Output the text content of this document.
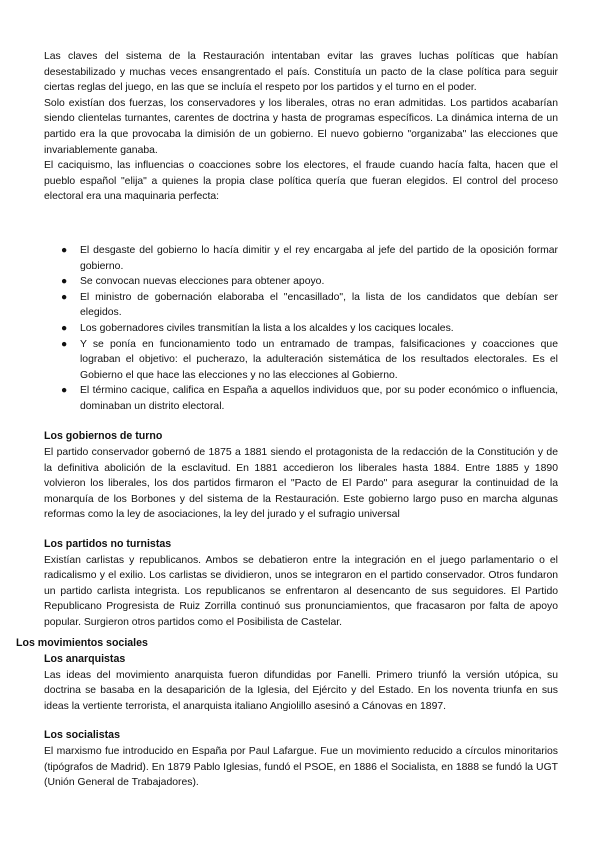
Las claves del sistema de la Restauración intentaban evitar las graves luchas políticas que habían desestabilizado y muchas veces ensangrentado el país. Constituía un pacto de la clase política para seguir ciertas reglas del juego, en las que se incluía el respeto por los partidos y el turno en el poder.

Solo existían dos fuerzas, los conservadores y los liberales, otras no eran admitidas. Los partidos acabarían siendo clientelas turnantes, carentes de doctrina y hasta de programas específicos. La dinámica interna de un partido era la que provocaba la dimisión de un gobierno. El nuevo gobierno "organizaba" las elecciones que invariablemente ganaba.

El caciquismo, las influencias o coacciones sobre los electores, el fraude cuando hacía falta, hacen que el pueblo español "elija" a quienes la propia clase política quería que fueran elegidos. El control del proceso electoral era una maquinaria perfecta:

● El desgaste del gobierno lo hacía dimitir y el rey encargaba al jefe del partido de la oposición formar gobierno.
● Se convocan nuevas elecciones para obtener apoyo.
● El ministro de gobernación elaboraba el "encasillado", la lista de los candidatos que debían ser elegidos.
● Los gobernadores civiles transmitían la lista a los alcaldes y los caciques locales.
● Y se ponía en funcionamiento todo un entramado de trampas, falsificaciones y coacciones que lograban el objetivo: el pucherazo, la adulteración sistemática de los resultados electorales. Es el Gobierno el que hace las elecciones y no las elecciones al Gobierno.
● El término cacique, califica en España a aquellos individuos que, por su poder económico o influencia, dominaban un distrito electoral.
Los gobiernos de turno

El partido conservador gobernó de 1875 a 1881 siendo el protagonista de la redacción de la Constitución y de la definitiva abolición de la esclavitud. En 1881 accedieron los liberales hasta 1884. Entre 1885 y 1890 volvieron los liberales, los dos partidos firmaron el "Pacto de El Pardo" para asegurar la continuidad de la monarquía de los Borbones y del sistema de la Restauración. Este gobierno largo puso en marcha algunas reformas como la ley de asociaciones, la ley del jurado y el sufragio universal

Los partidos no turnistas

Existían carlistas y republicanos. Ambos se debatieron entre la integración en el juego parlamentario o el radicalismo y el exilio. Los carlistas se dividieron, unos se integraron en el partido conservador. Otros fundaron un partido carlista integrista. Los republicanos se enfrentaron al desencanto de sus seguidores. El Partido Republicano Progresista de Ruiz Zorrilla continuó sus pronunciamientos, que fracasaron por falta de apoyo popular. Surgieron otros partidos como el Posibilista de Castelar.

Los movimientos sociales
Los anarquistas

Las ideas del movimiento anarquista fueron difundidas por Fanelli. Primero triunfó la versión utópica, su doctrina se basaba en la desaparición de la Iglesia, del Ejército y del Estado. En los noventa triunfa en sus ideas la vertiente terrorista, el anarquista italiano Angiolillo asesinó a Cánovas en 1897.

Los socialistas

El marxismo fue introducido en España por Paul Lafargue. Fue un movimiento reducido a círculos minoritarios (tipógrafos de Madrid). En 1879 Pablo Iglesias, fundó el PSOE, en 1886 el Socialista, en 1888 se fundó la UGT (Unión General de Trabajadores).
